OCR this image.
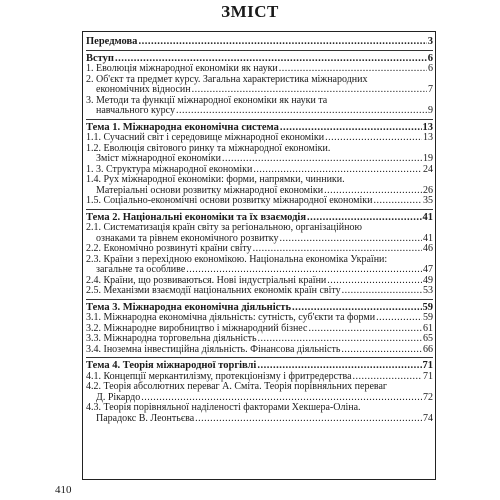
ЗМІСТ
Передмова .....	3
Вступ .....	6
1. Еволюція міжнародної економіки як науки .....	6
2. Об'єкт та предмет курсу. Загальна характеристика міжнародних
економічних відносин .....	7
3. Методи та функції міжнародної економіки як науки та
навчального курсу .....	9
Тема 1. Міжнародна економічна система .....	13
1.1. Сучасний світ і середовище міжнародної економіки .....	13
1.2. Еволюція світового ринку та міжнародної економіки.
Зміст міжнародної економіки .....	19
1. 3. Структура міжнародної економіки .....	24
1.4. Рух міжнародної економіки: форми, напрямки, чинники.
Матеріальні основи розвитку міжнародної економіки .....	26
1.5. Соціально-економічні основи розвитку міжнародної економіки .....	35
Тема 2. Національні економіки та їх взаємодія .....	41
2.1. Систематизація країн світу за регіональною, організаційною
ознаками та рівнем економічного розвитку .....	41
2.2. Економічно розвинуті країни світу .....	46
2.3. Країни з перехідною економікою. Національна економіка України:
загальне та особливе .....	47
2.4. Країни, що розвиваються. Нові індустріальні країни .....	49
2.5. Механізми взаємодії національних економік країн світу .....	53
Тема 3. Міжнародна економічна діяльність .....	59
3.1. Міжнародна економічна діяльність: сутність, суб'єкти та форми .....	59
3.2. Міжнародне виробництво і міжнародний бізнес .....	61
3.3. Міжнародна торговельна діяльність .....	65
3.4. Іноземна інвестиційна діяльність. Фінансова діяльність .....	66
Тема 4. Теорія міжнародної торгівлі .....	71
4.1. Концепції меркантилізму, протекціонізму і фритредерства .....	71
4.2. Теорія абсолютних переваг А. Сміта. Теорія порівняльних переваг
Д. Рікардо .....	72
4.3. Теорія порівняльної наділеності факторами Хекшера-Оліна.
Парадокс В. Леонтьєва .....	74
410
